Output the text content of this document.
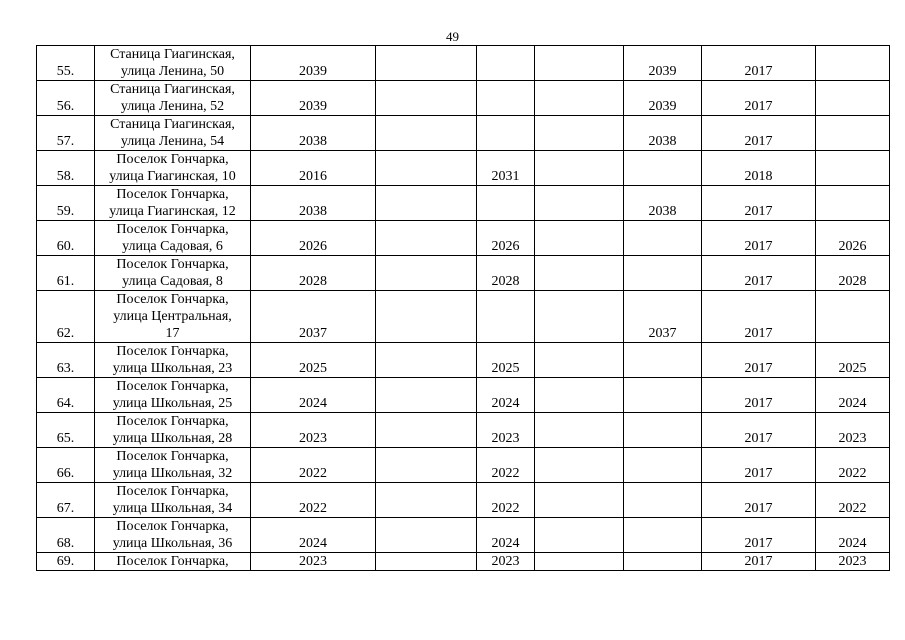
49
55.	Станица Гиагинская,
улица Ленина, 50	2039				2039	2017	
56.	Станица Гиагинская,
улица Ленина, 52	2039				2039	2017	
57.	Станица Гиагинская,
улица Ленина, 54	2038				2038	2017	
58.	Поселок Гончарка,
улица Гиагинская, 10	2016		2031			2018	
59.	Поселок Гончарка,
улица Гиагинская, 12	2038				2038	2017	
60.	Поселок Гончарка,
улица Садовая, 6	2026		2026			2017	2026
61.	Поселок Гончарка,
улица Садовая, 8	2028		2028			2017	2028
62.	Поселок Гончарка,
улица Центральная,
17	2037				2037	2017	
63.	Поселок Гончарка,
улица Школьная, 23	2025		2025			2017	2025
64.	Поселок Гончарка,
улица Школьная, 25	2024		2024			2017	2024
65.	Поселок Гончарка,
улица Школьная, 28	2023		2023			2017	2023
66.	Поселок Гончарка,
улица Школьная, 32	2022		2022			2017	2022
67.	Поселок Гончарка,
улица Школьная, 34	2022		2022			2017	2022
68.	Поселок Гончарка,
улица Школьная, 36	2024		2024			2017	2024
69.	Поселок Гончарка,	2023		2023			2017	2023
